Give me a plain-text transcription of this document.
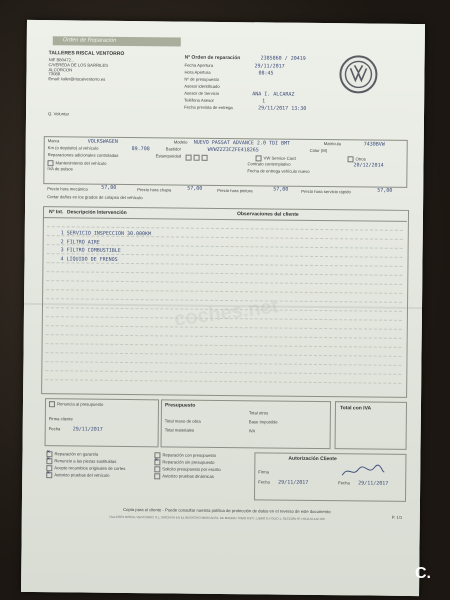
coches.net
Orden de Reparación
TALLERES RISCAL VENTORRO
NIF B80472...
C/VEREDA DE LOS BARRILES
ALCORCON
73088
Email: taller@riscalventorro.es
Q. Voluntar
Nº Orden de reparación	2385860 / 20419
Fecha Apertura	29/11/2017
Hora Apertura	08:45
Nº de presupuesto
Asesor identificado
Asesor de Servicio	ANA I. ALCARAZ
Teléfono Asesor	1
Fecha prevista de entrega	29/11/2017 13:30
Marca	VOLKSWAGEN	Modelo NUEVO PASSAT ADVANCE 2.0 TDI BMT	Matrícula	7430BVW
Km (o depósito) al vehículo	89.708	Bastidor	WVWZZZ3CZFE418265	Color (M)
Reparaciones adicionales controladas	Estanqueidad	VW Service Card	Otros
Mantenimiento del vehículo	Contrato contemplativo	20/12/2014
IVA de pulsos	Fecha de entrega vehículo nuevo
Precio hora mecánica	57,00	Precio hora chapa	57,00	Precio hora pintura	57,00	Precio hora servicio rápido	57,00
Cortar daños en los grados de colapso del vehículo
Nº Int. Descripción Intervención	Observaciones del cliente
1 SERVICIO INSPECCION 30.000KM
2 FILTRO AIRE
3 FILTRO COMBUSTIBLE
4 LIQUIDO DE FRENOS
Renuncia al presupuesto
Firma cliente
Fecha 29/11/2017
Presupuesto
Total otros
Total mano de obra	Base Imponible
Total materiales	IVA
Total con IVA
Reparación en garantía	Reparación con presupuesto
Renuncio a las piezas sustituidas	Reparación sin presupuesto
Acepto recambios originales de cortes	Solicito presupuesto por escrito
Autorizo pruebas del vehículo	Autorizo pruebas dinámicas
✕
✕
✕
✕	Autorización Cliente
Firma
Fecha 29/11/2017	Fecha 29/11/2017
Copia para el cliente - Puede consultar nuestra política de protección de datos en el reverso de este documento
TALLERES RISCAL VENTORRO, S.L. INSCRITA EN EL REGISTRO MERCANTIL DE MADRID TOMO 8.877, LIBRO 0, FOLIO 1, SECCIÓN 8ª, HOJA M-142.789	P. 1/1
C.
